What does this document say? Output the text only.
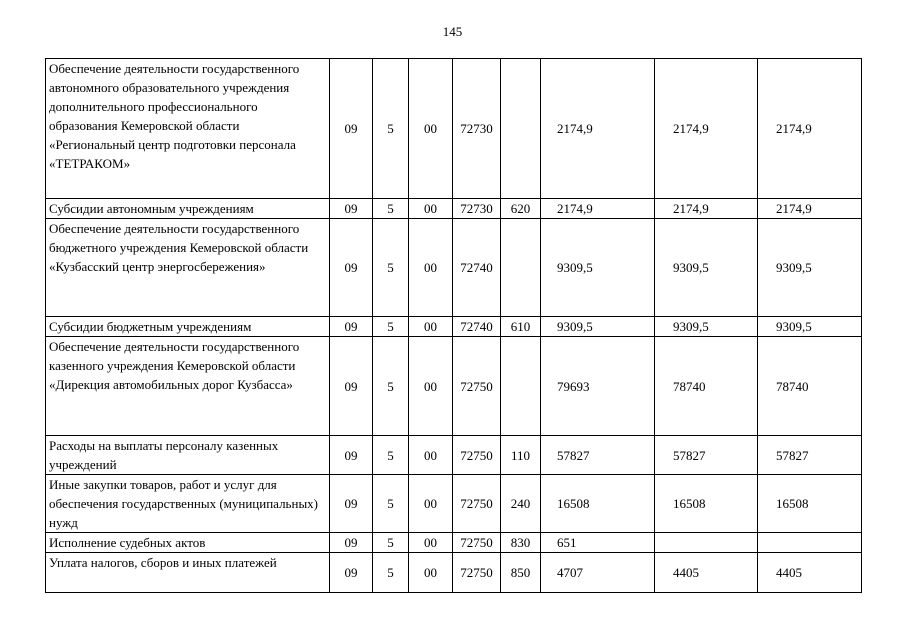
145
Обеспечение деятельности государственного автономного образовательного учреждения дополнительного профессионального образования Кемеровской области «Региональный центр подготовки персонала «ТЕТРАКОМ»	09	5	00	72730		2174,9	2174,9	2174,9
Субсидии автономным учреждениям	09	5	00	72730	620	2174,9	2174,9	2174,9
Обеспечение деятельности государственного бюджетного учреждения Кемеровской области «Кузбасский центр энергосбережения»	09	5	00	72740		9309,5	9309,5	9309,5
Субсидии бюджетным учреждениям	09	5	00	72740	610	9309,5	9309,5	9309,5
Обеспечение деятельности государственного казенного учреждения Кемеровской области «Дирекция автомобильных дорог Кузбасса»	09	5	00	72750		79693	78740	78740
Расходы на выплаты персоналу казенных учреждений	09	5	00	72750	110	57827	57827	57827
Иные закупки товаров, работ и услуг для обеспечения государственных (муниципальных) нужд	09	5	00	72750	240	16508	16508	16508
Исполнение судебных актов	09	5	00	72750	830	651		
Уплата налогов, сборов и иных платежей	09	5	00	72750	850	4707	4405	4405
